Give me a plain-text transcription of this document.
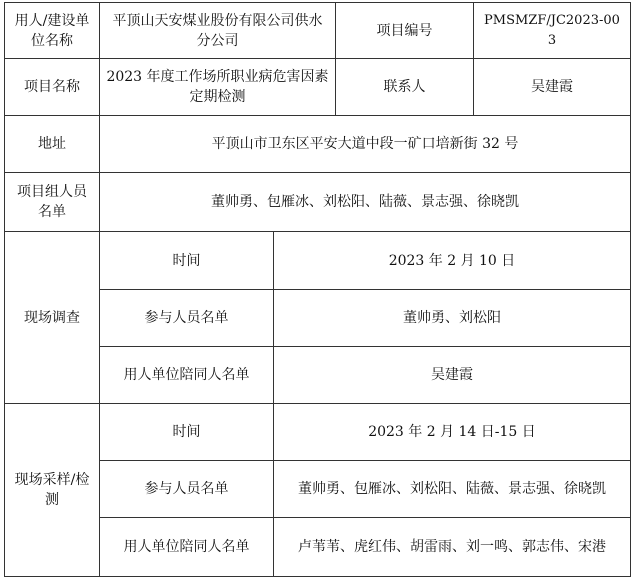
用人/建设单位名称	平顶山天安煤业股份有限公司供水分公司		项目编号	PMSMZF/JC2023-003
项目名称	2023 年度工作场所职业病危害因素定期检测		联系人	吴建霞
地址	平顶山市卫东区平安大道中段一矿口培新街 32 号			
项目组人员名单	董帅勇、包雁冰、刘松阳、陆薇、景志强、徐晓凯			
现场调查	时间	2023 年 2 月 10 日		
	参与人员名单	董帅勇、刘松阳		
	用人单位陪同人名单	吴建霞		
现场采样/检测	时间	2023 年 2 月 14 日-15 日		
	参与人员名单	董帅勇、包雁冰、刘松阳、陆薇、景志强、徐晓凯		
	用人单位陪同人名单	卢苇苇、虎红伟、胡雷雨、刘一鸣、郭志伟、宋港		
